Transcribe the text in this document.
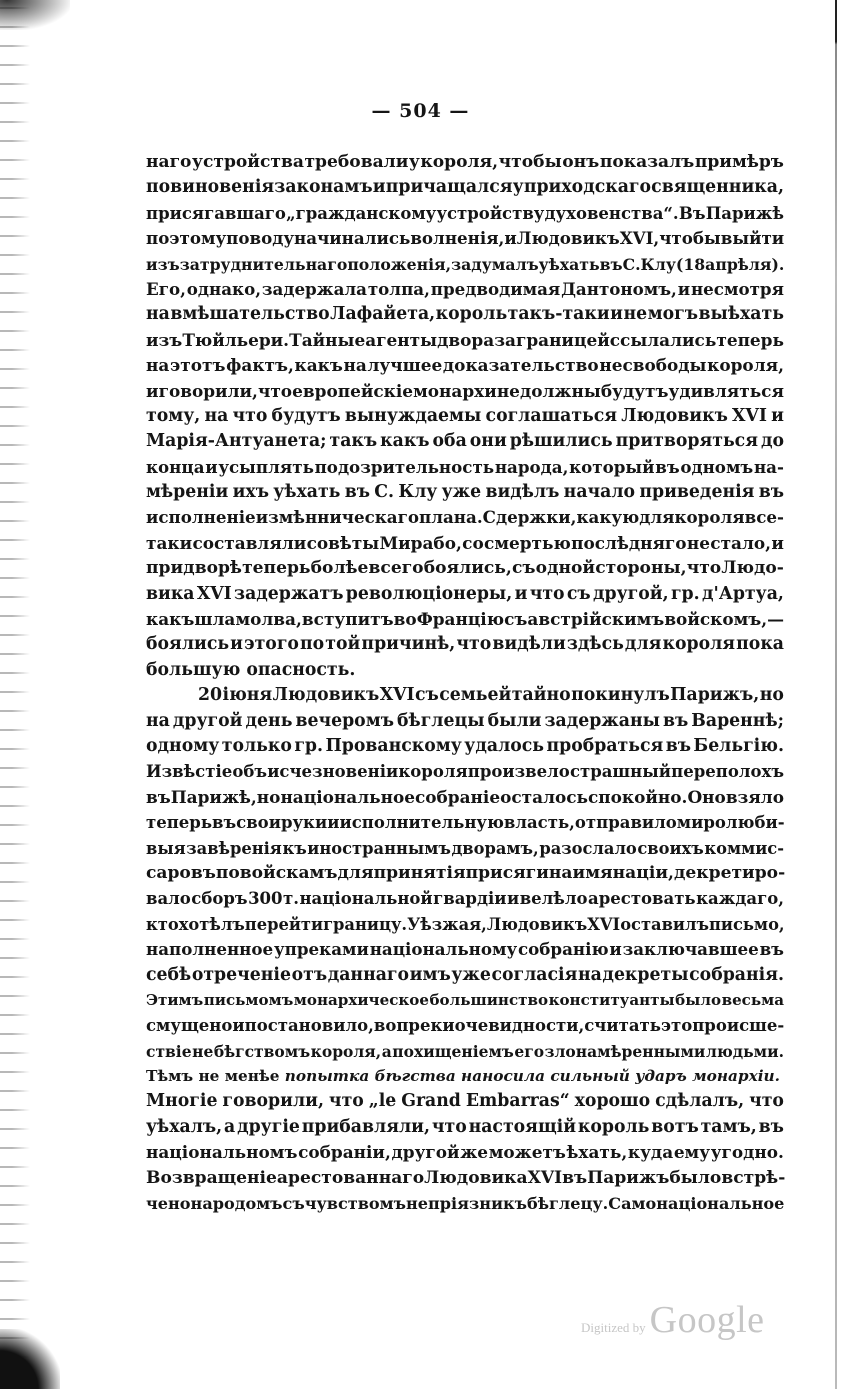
— 504 —
наго устройства требовали у короля, чтобы онъ показалъ примѣръ
повиновенія законамъ и причащался у приходскаго священника,
присягавшаго „гражданскому устройству духовенства“. Въ Парижѣ
по этому поводу начинались волненія, и Людовикъ XVI, чтобы выйти
изъ затруднительнаго положенія, задумалъ уѣхать въ С. Клу (18 апрѣля).
Его, однако, задержала толпа, предводимая Дантономъ, и несмотря
на вмѣшательство Лафайета, король такъ-таки и не могъ выѣхать
изъ Тюйльери. Тайные агенты двора за границей ссылались теперь
на этотъ фактъ, какъ на лучшее доказательство несвободы короля,
и говорили, что европейскіе монархи не должны будутъ удивляться
тому, на что будутъ вынуждаемы соглашаться Людовикъ XVI и
Марія-Антуанета; такъ какъ оба они рѣшились притворяться до
конца и усыплять подозрительность народа, который въ одномъ на-
мѣреніи ихъ уѣхать въ С. Клу уже видѣлъ начало приведенія въ
исполненіе измѣнническаго плана. Сдержки, какую для короля все-
таки составляли совѣты Мирабо, со смертью послѣдняго не стало, и
при дворѣ теперь болѣе всего боялись, съ одной стороны, что Людо-
вика XVI задержатъ революціонеры, и что съ другой, гр. д'Артуа,
какъ шла молва, вступитъ во Францію съ австрійскимъ войскомъ,—
боялись и этого по той причинѣ, что видѣли здѣсь для короля пока
большую опасность.
20 іюня Людовикъ XVI съ семьей тайно покинулъ Парижъ, но
на другой день вечеромъ бѣглецы были задержаны въ Вареннѣ;
одному только гр. Прованскому удалось пробраться въ Бельгію.
Извѣстіе объ исчезновеніи короля произвело страшный переполохъ
въ Парижѣ, но національное собраніе осталось спокойно. Оно взяло
теперь въ свои руки и исполнительную власть, отправило миролюби-
выя завѣренія къ иностраннымъ дворамъ, разослало своихъ коммис-
саровъ по войскамъ для принятія присяги на имя націи, декретиро-
вало сборъ 300 т. національной гвардіи и велѣло арестовать каждаго,
кто хотѣлъ перейти границу. Уѣзжая, Людовикъ XVI оставилъ письмо,
наполненное упреками національному собранію и заключавшее въ
себѣ отреченіе отъ даннаго имъ уже согласія на декреты собранія.
Этимъ письмомъ монархическое большинство конституанты было весьма
смущено и постановило, вопреки очевидности, считать это происше-
ствіе не бѣгствомъ короля, а похищеніемъ его злонамѣренными людьми.
Тѣмъ не менѣе
попытка бѣгства наносила сильный ударъ монархіи.
Многіе говорили, что „le Grand Embarras“ хорошо сдѣлалъ, что
уѣхалъ, а другіе прибавляли, что настоящій король вотъ тамъ, въ
національномъ собраніи, другой же можетъ ѣхать, куда ему угодно.
Возвращеніе арестованнаго Людовика XVI въ Парижъ было встрѣ-
чено народомъ съ чувствомъ непріязни къ бѣглецу. Само національное
Digitized by Google
